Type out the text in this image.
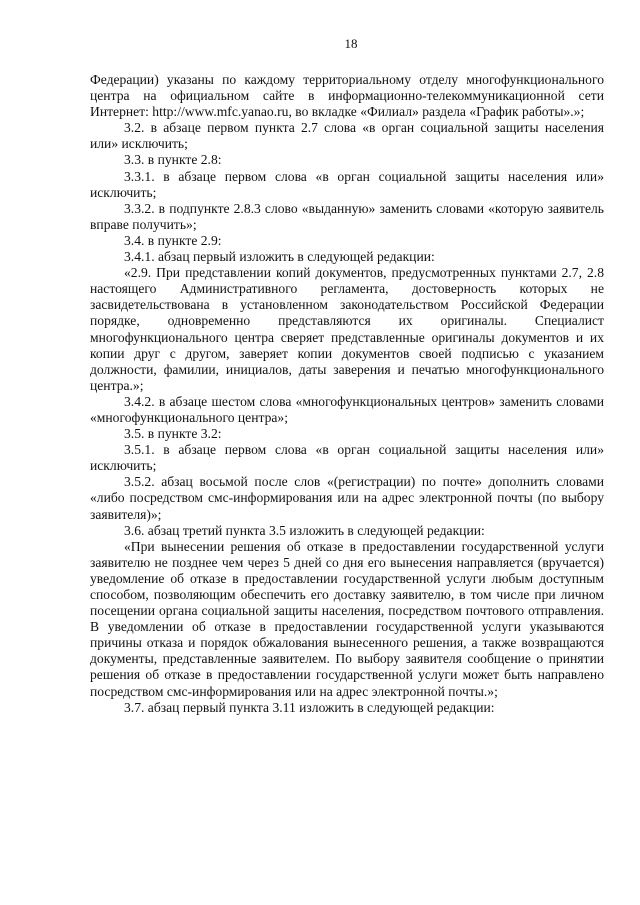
18

Федерации) указаны по каждому территориальному отделу многофункционального центра на официальном сайте в информационно-телекоммуникационной сети Интернет: http://www.mfc.yanao.ru, во вкладке «Филиал» раздела «График работы».»;

3.2. в абзаце первом пункта 2.7 слова «в орган социальной защиты населения или» исключить;

3.3. в пункте 2.8:

3.3.1. в абзаце первом слова «в орган социальной защиты населения или» исключить;

3.3.2. в подпункте 2.8.3 слово «выданную» заменить словами «которую заявитель вправе получить»;

3.4. в пункте 2.9:

3.4.1. абзац первый изложить в следующей редакции:

«2.9. При представлении копий документов, предусмотренных пунктами 2.7, 2.8 настоящего Административного регламента, достоверность которых не засвидетельствована в установленном законодательством Российской Федерации порядке, одновременно представляются их оригиналы. Специалист многофункционального центра сверяет представленные оригиналы документов и их копии друг с другом, заверяет копии документов своей подписью с указанием должности, фамилии, инициалов, даты заверения и печатью многофункционального центра.»;

3.4.2. в абзаце шестом слова «многофункциональных центров» заменить словами «многофункционального центра»;

3.5. в пункте 3.2:

3.5.1. в абзаце первом слова «в орган социальной защиты населения или» исключить;

3.5.2. абзац восьмой после слов «(регистрации) по почте» дополнить словами «либо посредством смс-информирования или на адрес электронной почты (по выбору заявителя)»;

3.6. абзац третий пункта 3.5 изложить в следующей редакции:

«При вынесении решения об отказе в предоставлении государственной услуги заявителю не позднее чем через 5 дней со дня его вынесения направляется (вручается) уведомление об отказе в предоставлении государственной услуги любым доступным способом, позволяющим обеспечить его доставку заявителю, в том числе при личном посещении органа социальной защиты населения, посредством почтового отправления. В уведомлении об отказе в предоставлении государственной услуги указываются причины отказа и порядок обжалования вынесенного решения, а также возвращаются документы, представленные заявителем. По выбору заявителя сообщение о принятии решения об отказе в предоставлении государственной услуги может быть направлено посредством смс-информирования или на адрес электронной почты.»;

3.7. абзац первый пункта 3.11 изложить в следующей редакции:
